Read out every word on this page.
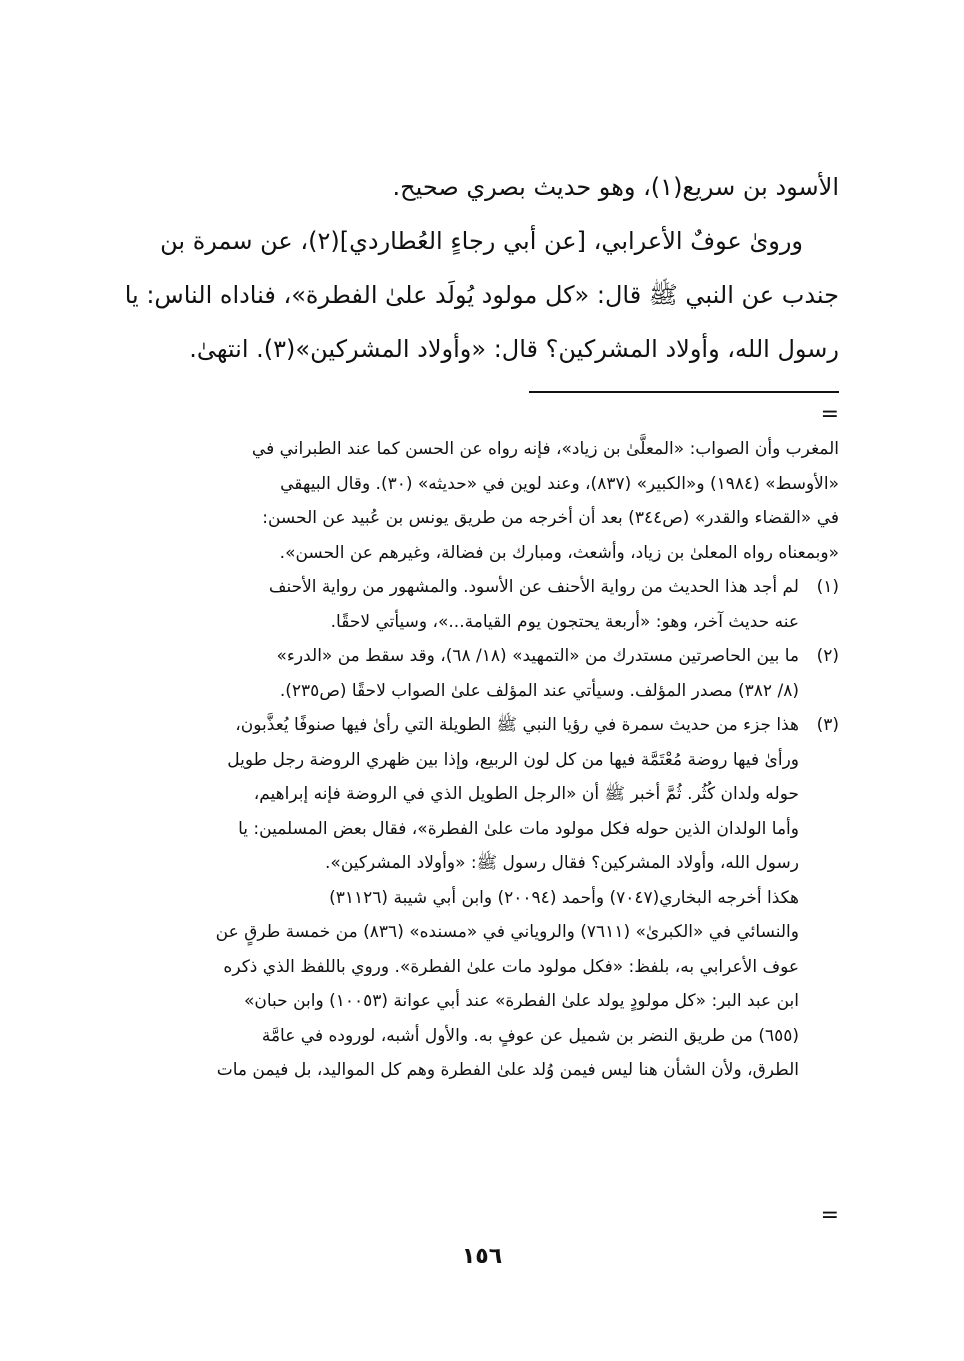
الأسود بن سريع(١)، وهو حديث بصري صحيح.
ورویٰ عوفٌ الأعرابي، [عن أبي رجاءٍ العُطاردي](٢)، عن سمرة بن
جندب عن النبي ﷺ قال: «كل مولود يُولَد علىٰ الفطرة»، فناداه الناس: يا
رسول الله، وأولاد المشركين؟ قال: «وأولاد المشركين»(٣). انتهىٰ.
=
المغرب وأن الصواب: «المعلَّىٰ بن زياد»، فإنه رواه عن الحسن كما عند الطبراني في
«الأوسط» (١٩٨٤) و«الكبير» (٨٣٧)، وعند لوين في «حديثه» (٣٠). وقال البيهقي
في «القضاء والقدر» (ص٣٤٤) بعد أن أخرجه من طريق يونس بن عُبيد عن الحسن:
«وبمعناه رواه المعلىٰ بن زياد، وأشعث، ومبارك بن فضالة، وغيرهم عن الحسن».
(١)
لم أجد هذا الحديث من رواية الأحنف عن الأسود. والمشهور من رواية الأحنف
عنه حديث آخر، وهو: «أربعة يحتجون يوم القيامة...»، وسيأتي لاحقًا.
(٢)
ما بين الحاصرتين مستدرك من «التمهيد» (١٨/ ٦٨)، وقد سقط من «الدرء»
(٨/ ٣٨٢) مصدر المؤلف. وسيأتي عند المؤلف علىٰ الصواب لاحقًا (ص٢٣٥).
(٣)
هذا جزء من حديث سمرة في رؤيا النبي ﷺ الطويلة التي رأىٰ فيها صنوفًا يُعذَّبون،
ورأىٰ فيها روضة مُعْتَمَّة فيها من كل لون الربيع، وإذا بين ظهري الروضة رجل طويل
حوله ولدان كُثُر. ثُمَّ أخبر ﷺ أن «الرجل الطويل الذي في الروضة فإنه إبراهيم،
وأما الولدان الذين حوله فكل مولود مات علىٰ الفطرة»، فقال بعض المسلمين: يا
رسول الله، وأولاد المشركين؟ فقال رسول ﷺ: «وأولاد المشركين».
هكذا أخرجه البخاري(٧٠٤٧) وأحمد (٢٠٠٩٤) وابن أبي شيبة (٣١١٢٦)
والنسائي في «الكبرىٰ» (٧٦١١) والروياني في «مسنده» (٨٣٦) من خمسة طرقٍ عن
عوف الأعرابي به، بلفظ: «فكل مولود مات علىٰ الفطرة». وروي باللفظ الذي ذكره
ابن عبد البر: «كل مولودٍ يولد علىٰ الفطرة» عند أبي عوانة (١٠٠٥٣) وابن حبان»
(٦٥٥) من طريق النضر بن شميل عن عوفٍ به. والأول أشبه، لوروده في عامَّة
الطرق، ولأن الشأن هنا ليس فيمن وُلد علىٰ الفطرة وهم كل المواليد، بل فيمن مات
=
١٥٦
